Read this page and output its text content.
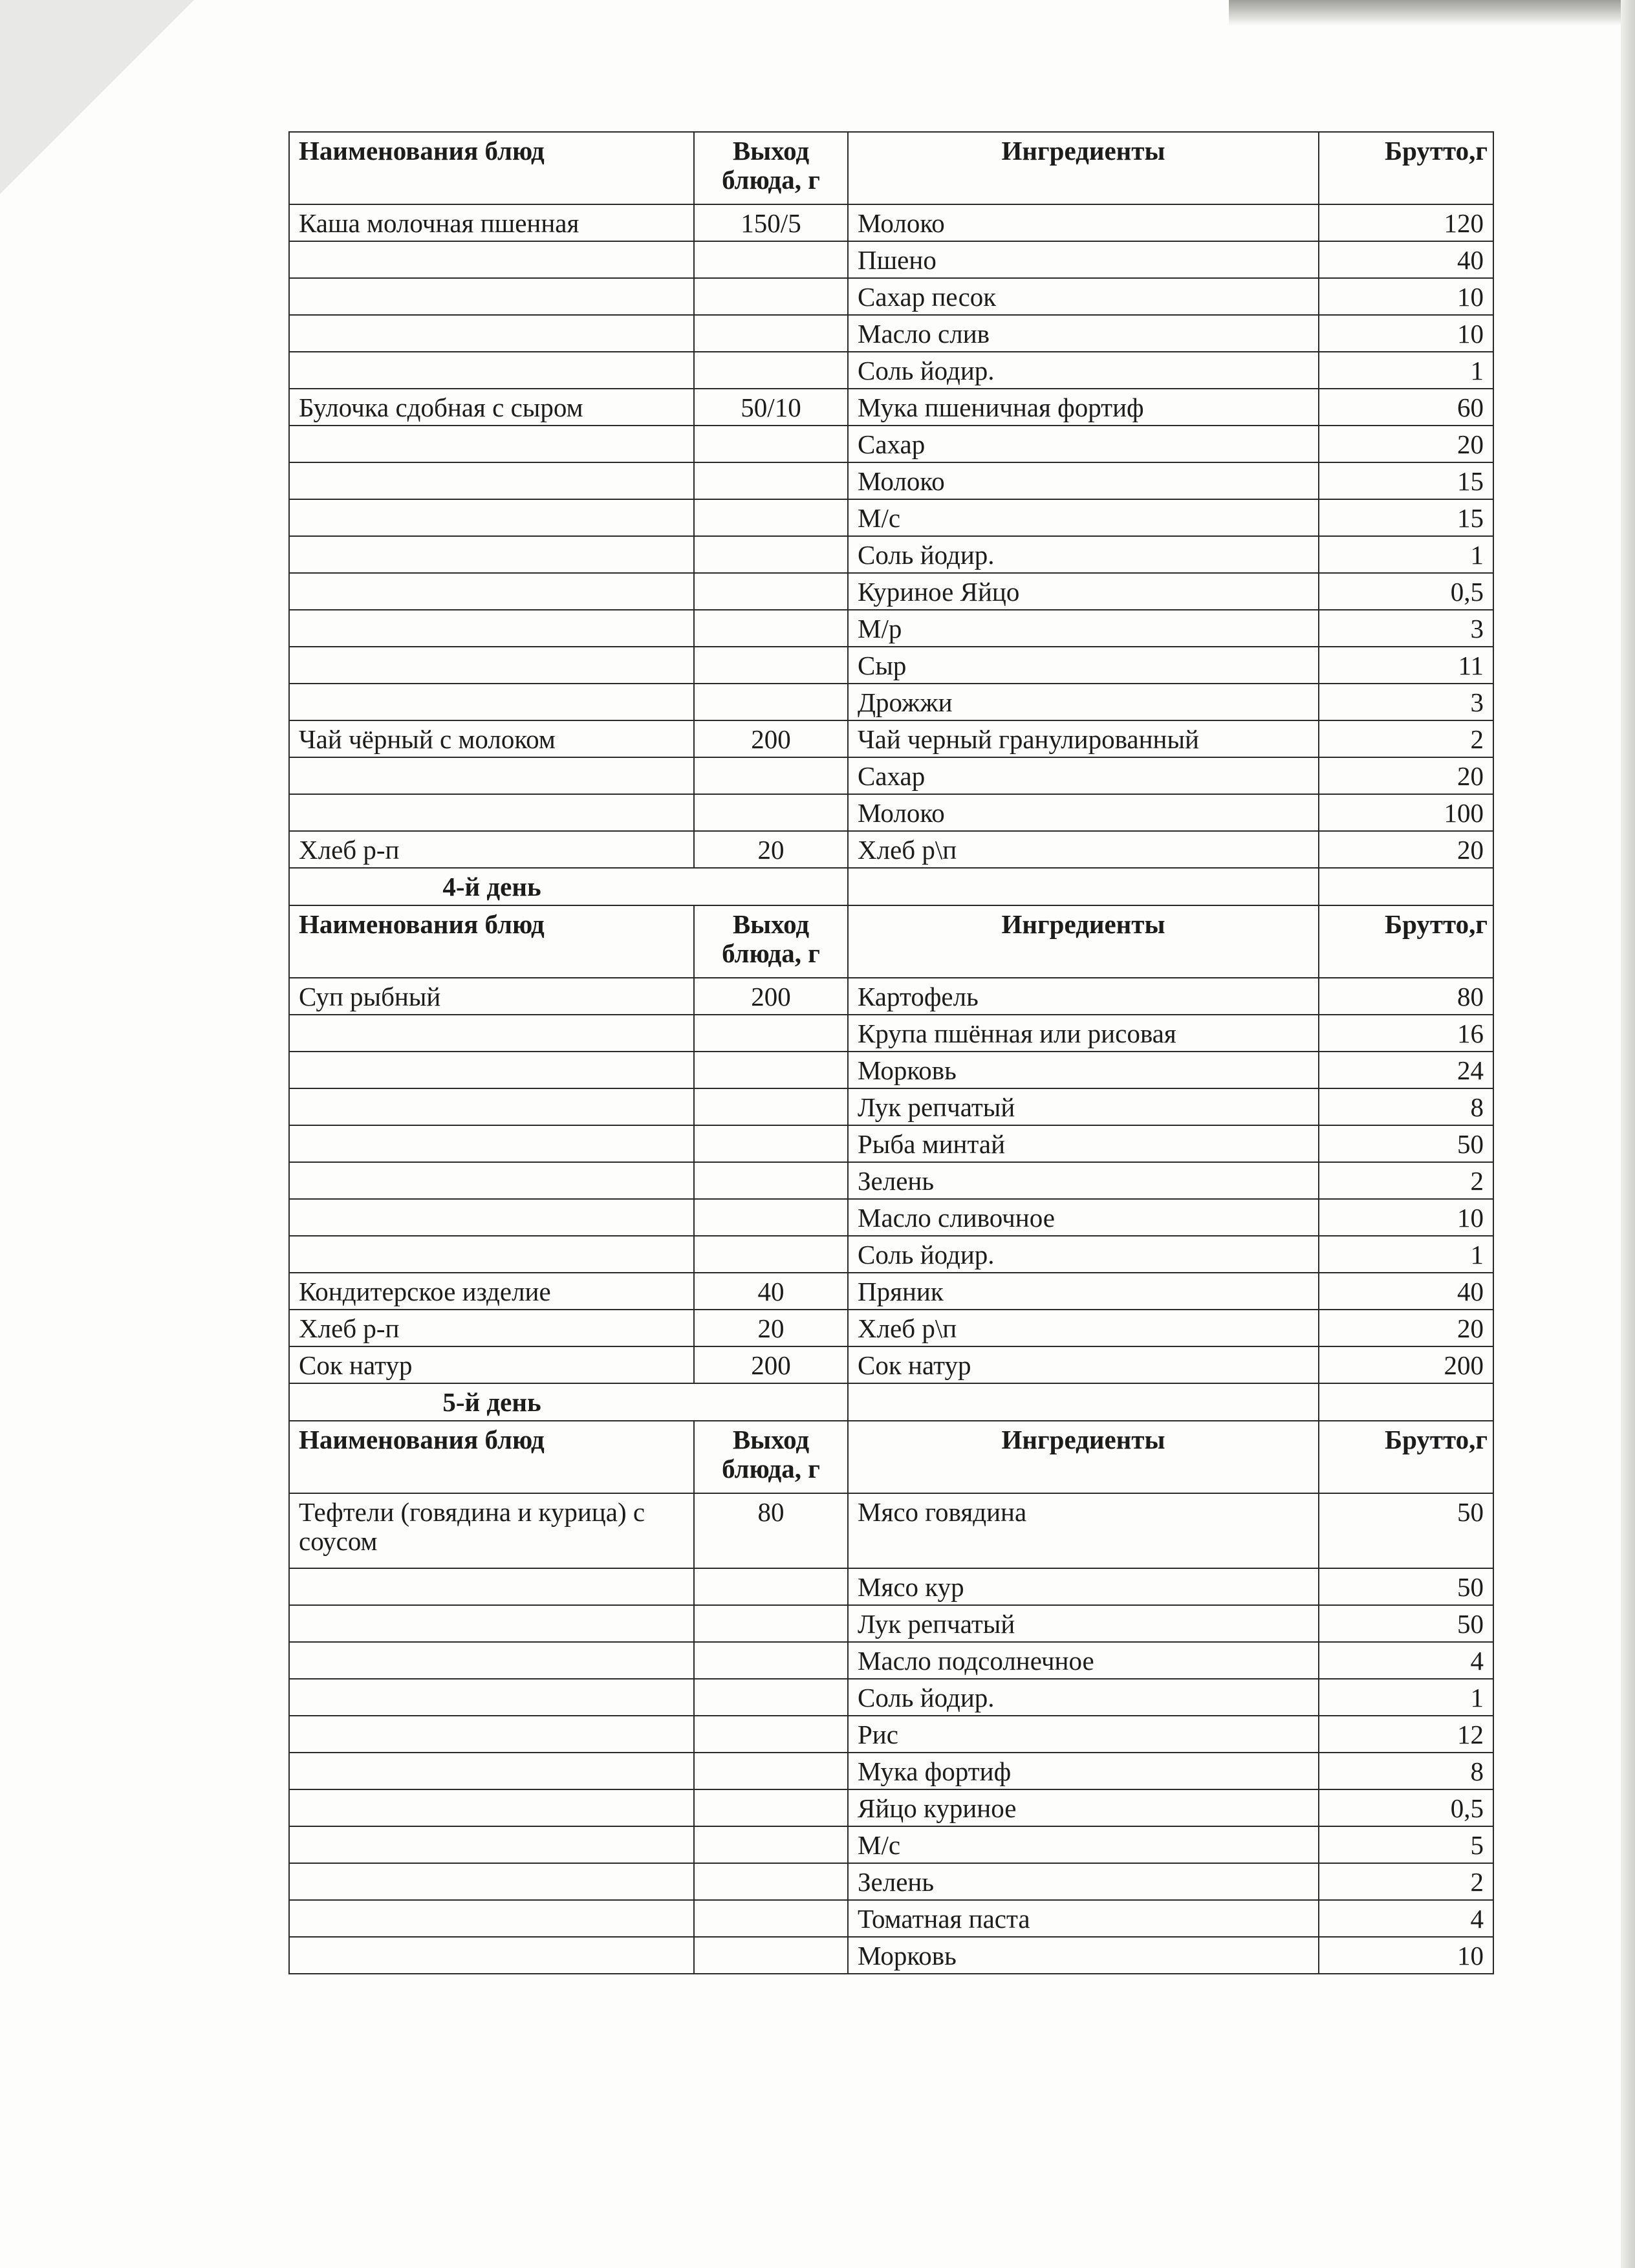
Наименования блюд	Выход блюда, г	Ингредиенты	Брутто,г
Каша молочная пшенная	150/5	Молоко	120
		Пшено	40
		Сахар песок	10
		Масло слив	10
		Соль йодир.	1
Булочка сдобная с сыром	50/10	Мука пшеничная фортиф	60
		Сахар	20
		Молоко	15
		М/с	15
		Соль йодир.	1
		Куриное Яйцо	0,5
		М/р	3
		Сыр	11
		Дрожжи	3
Чай чёрный с молоком	200	Чай черный гранулированный	2
		Сахар	20
		Молоко	100
Хлеб р-п	20	Хлеб р\п	20
4-й день			
Наименования блюд	Выход блюда, г	Ингредиенты	Брутто,г
Суп рыбный	200	Картофель	80
		Крупа пшённая или рисовая	16
		Морковь	24
		Лук репчатый	8
		Рыба минтай	50
		Зелень	2
		Масло сливочное	10
		Соль йодир.	1
Кондитерское изделие	40	Пряник	40
Хлеб р-п	20	Хлеб р\п	20
Сок натур	200	Сок натур	200
5-й день			
Наименования блюд	Выход блюда, г	Ингредиенты	Брутто,г
Тефтели (говядина и курица) с соусом	80	Мясо говядина	50
		Мясо кур	50
		Лук репчатый	50
		Масло подсолнечное	4
		Соль йодир.	1
		Рис	12
		Мука фортиф	8
		Яйцо куриное	0,5
		М/с	5
		Зелень	2
		Томатная паста	4
		Морковь	10
